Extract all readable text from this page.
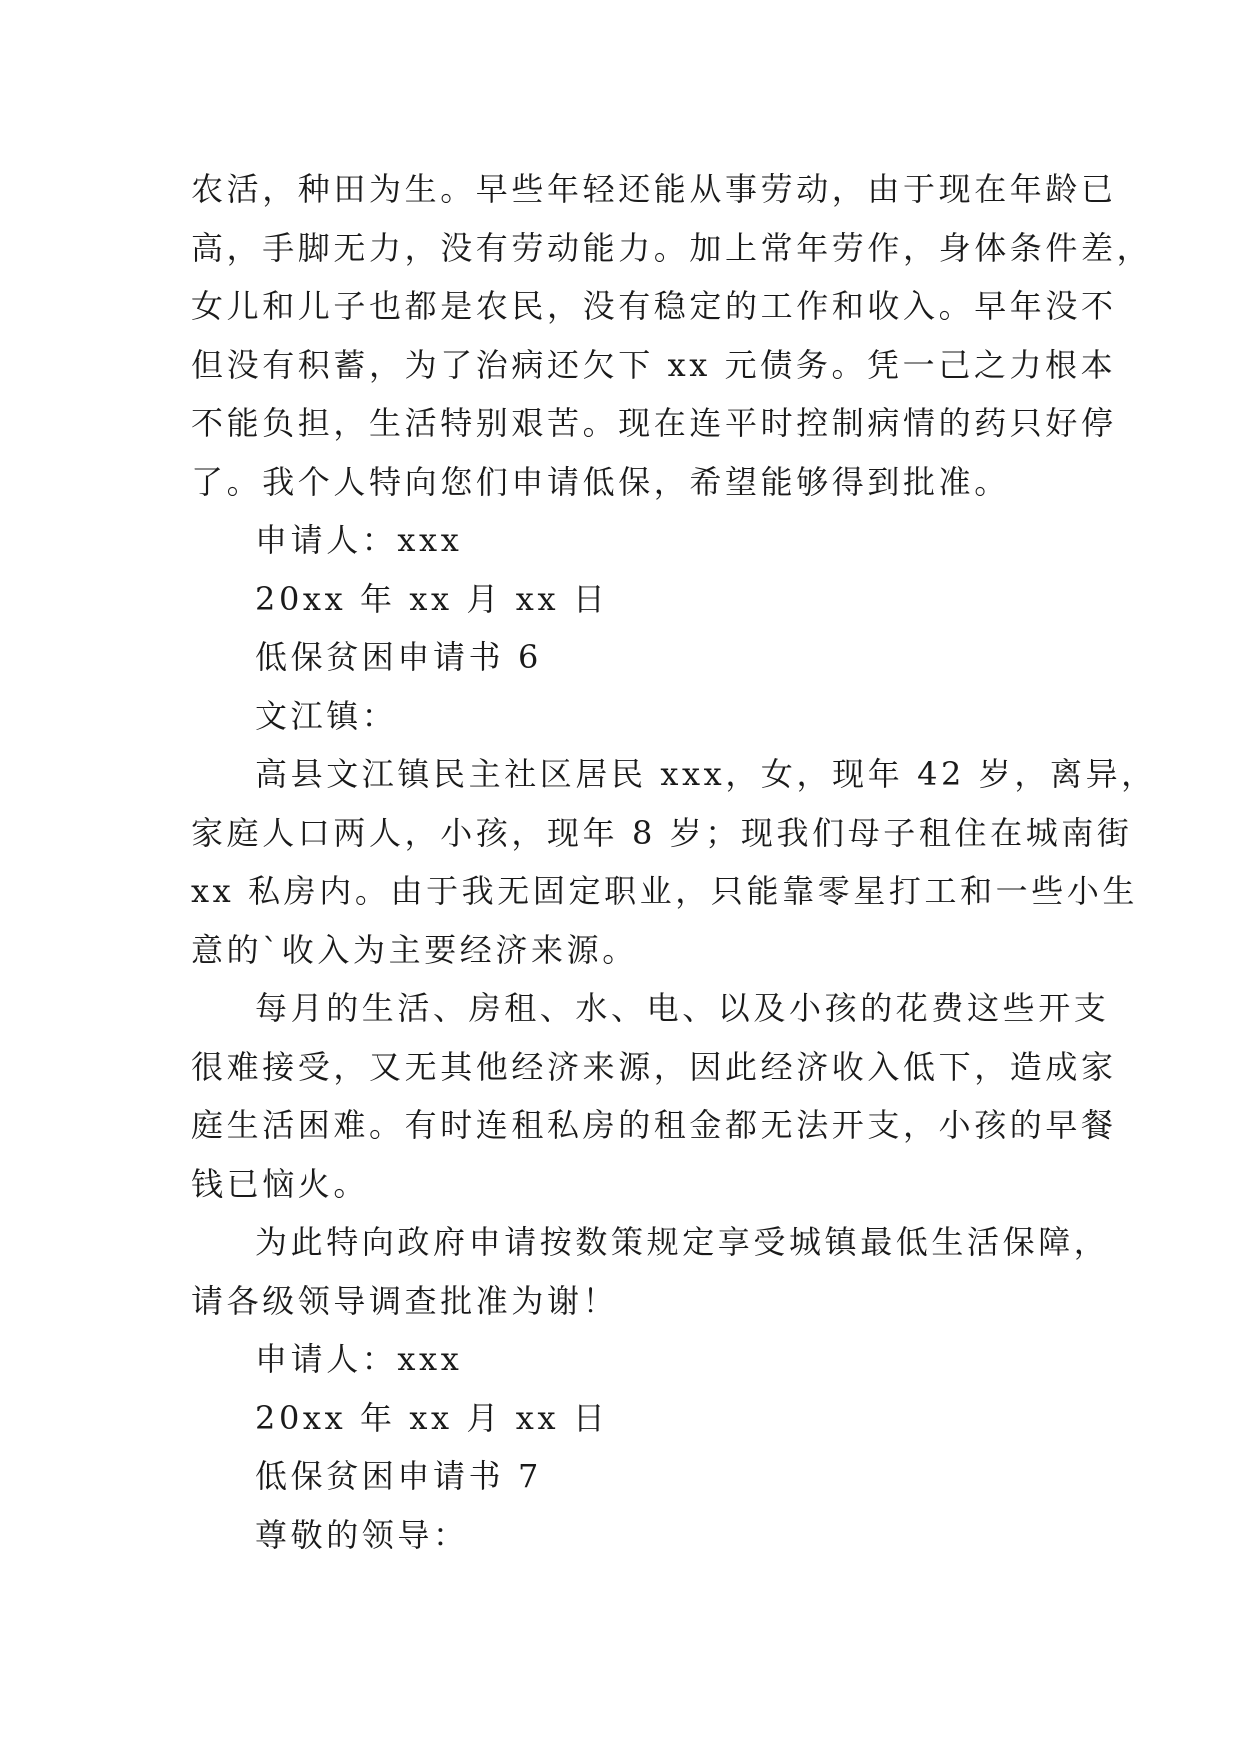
农活，种田为生。早些年轻还能从事劳动，由于现在年龄已

高，手脚无力，没有劳动能力。加上常年劳作，身体条件差，

女儿和儿子也都是农民，没有稳定的工作和收入。早年没不

但没有积蓄，为了治病还欠下 xx 元债务。凭一己之力根本

不能负担，生活特别艰苦。现在连平时控制病情的药只好停

了。我个人特向您们申请低保，希望能够得到批准。

申请人：xxx

20xx 年 xx 月 xx 日

低保贫困申请书 6

文江镇：

高县文江镇民主社区居民 xxx，女，现年 42 岁，离异，

家庭人口两人，小孩，现年 8 岁；现我们母子租住在城南街

xx 私房内。由于我无固定职业，只能靠零星打工和一些小生

意的`收入为主要经济来源。

每月的生活、房租、水、电、以及小孩的花费这些开支

很难接受，又无其他经济来源，因此经济收入低下，造成家

庭生活困难。有时连租私房的租金都无法开支，小孩的早餐

钱已恼火。

为此特向政府申请按数策规定享受城镇最低生活保障，

请各级领导调查批准为谢！

申请人：xxx

20xx 年 xx 月 xx 日

低保贫困申请书 7

尊敬的领导：
